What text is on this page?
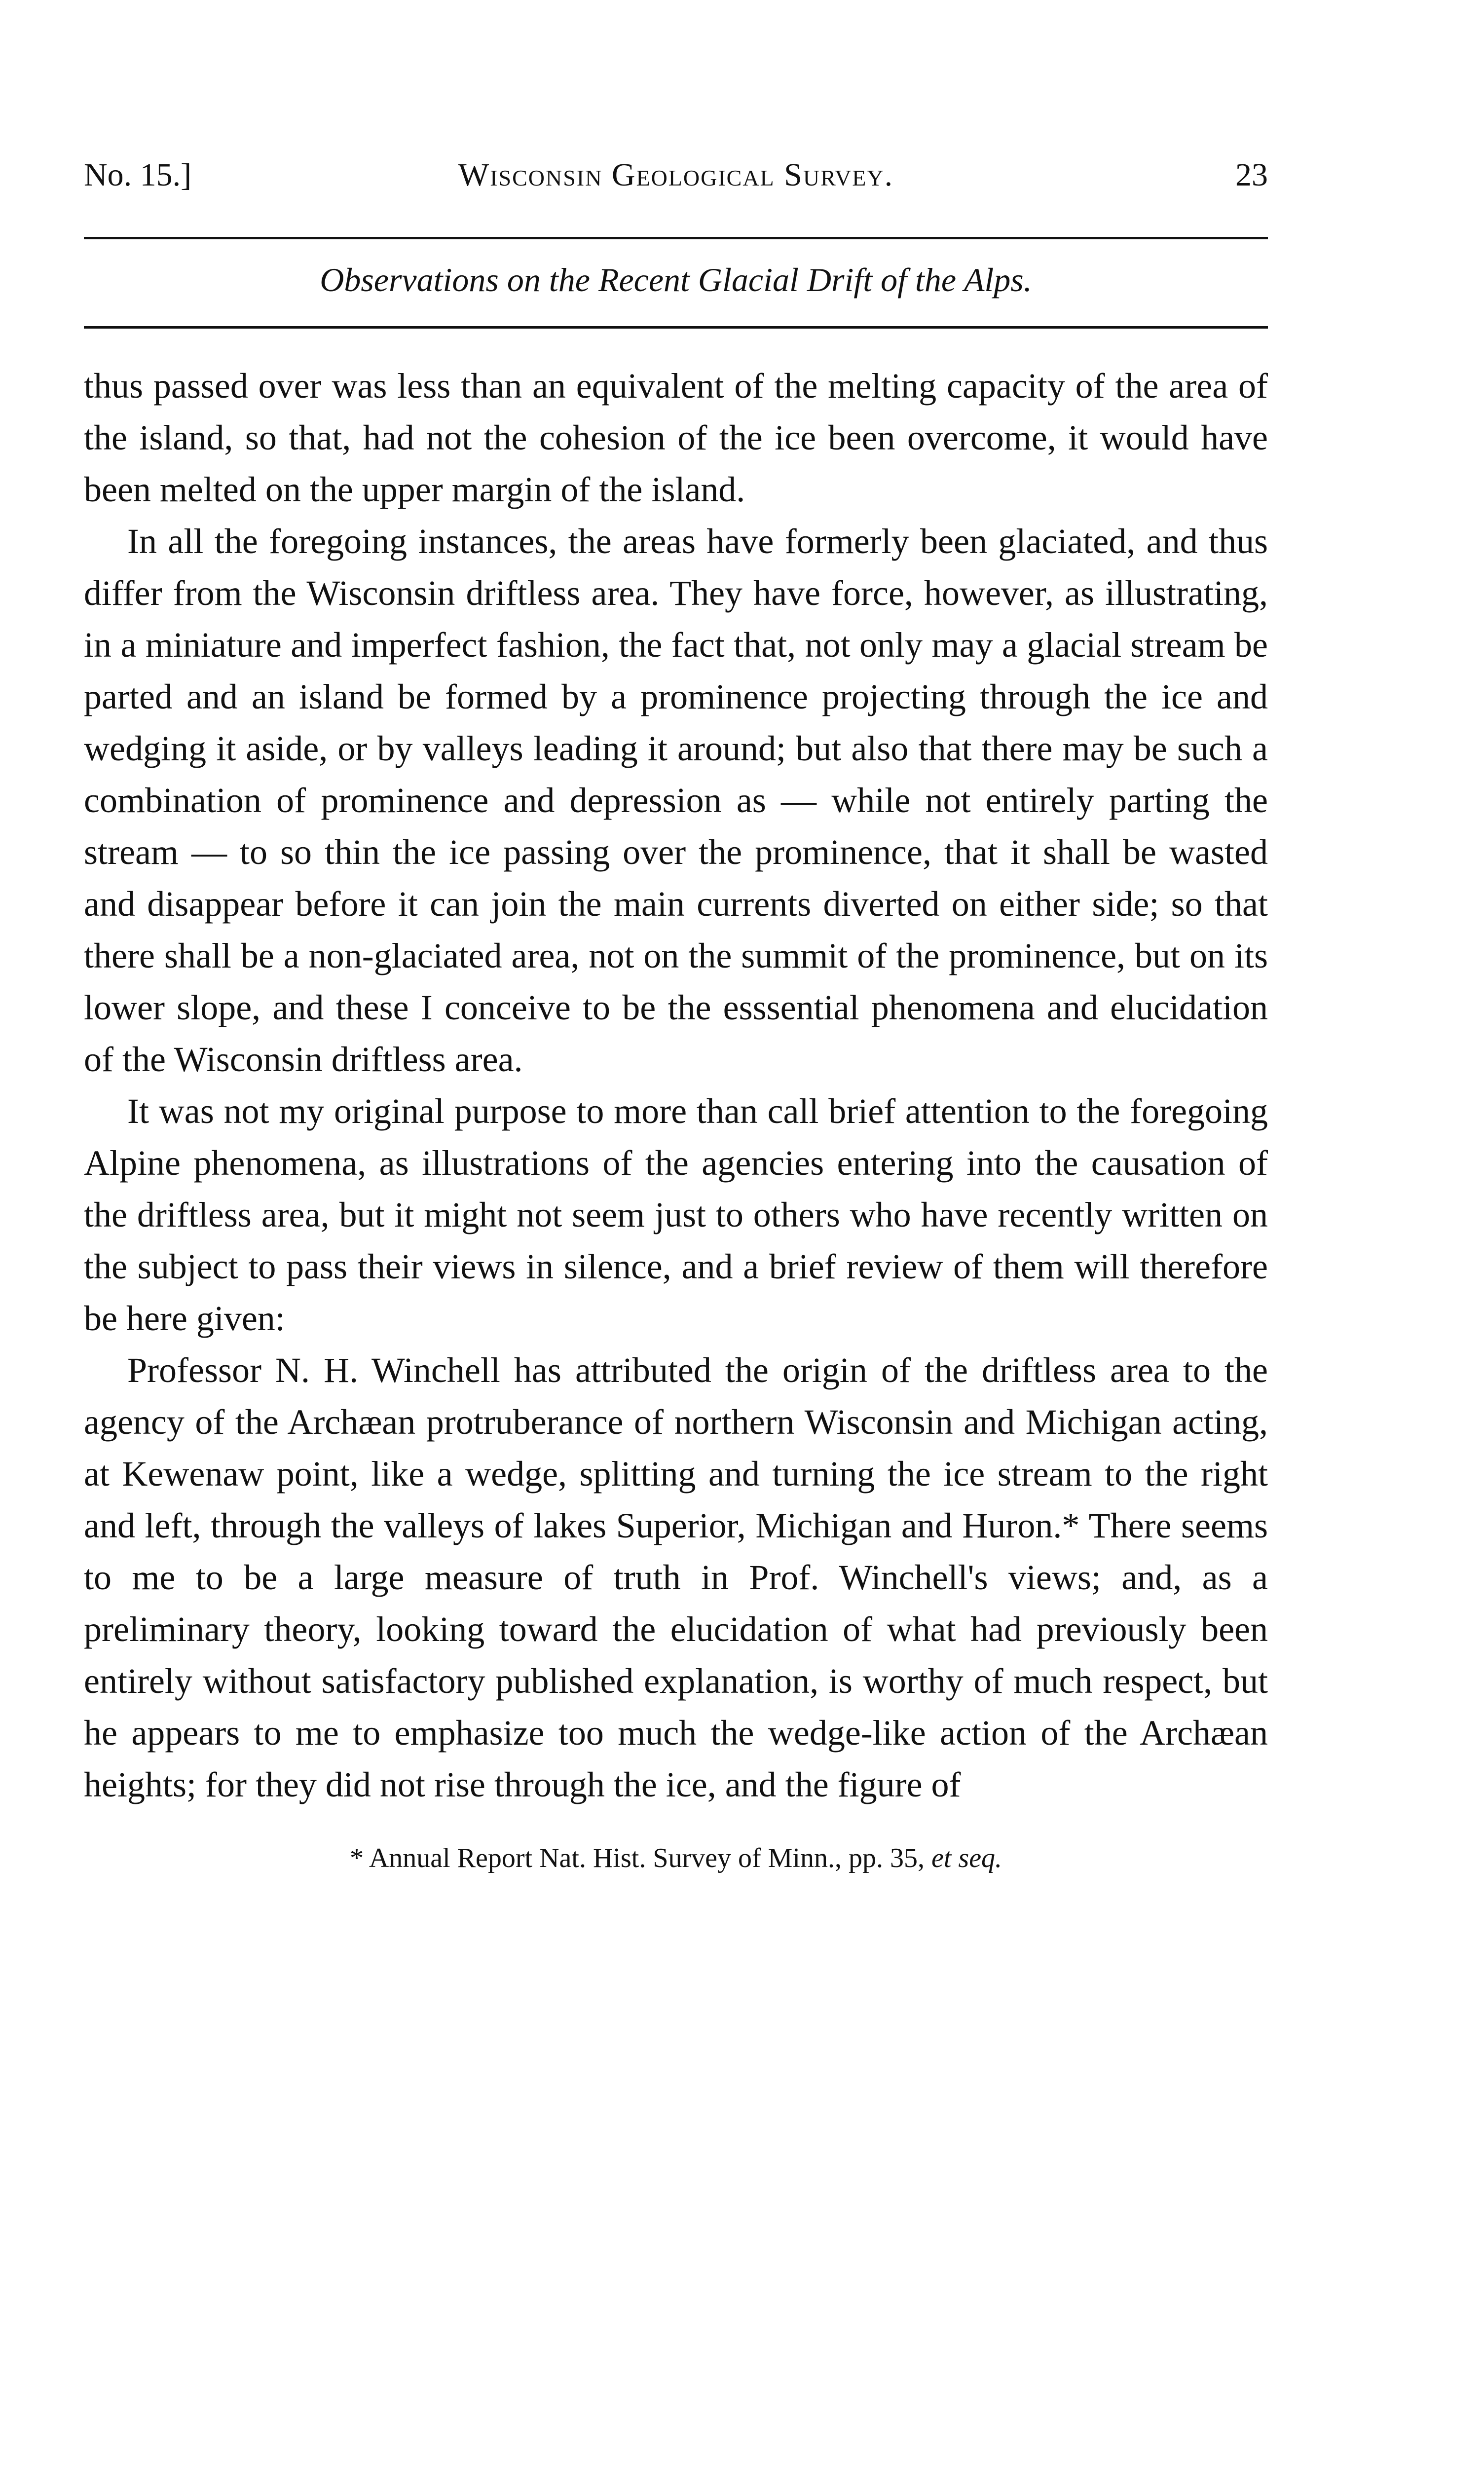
No. 15.]	Wisconsin Geological Survey.	23
Observations on the Recent Glacial Drift of the Alps.

thus passed over was less than an equivalent of the melting capacity of the area of the island, so that, had not the cohesion of the ice been overcome, it would have been melted on the upper margin of the island.

In all the foregoing instances, the areas have formerly been glaciated, and thus differ from the Wisconsin driftless area. They have force, however, as illustrating, in a miniature and imperfect fashion, the fact that, not only may a glacial stream be parted and an island be formed by a prominence projecting through the ice and wedging it aside, or by valleys leading it around; but also that there may be such a combination of prominence and depression as — while not entirely parting the stream — to so thin the ice passing over the prominence, that it shall be wasted and disappear before it can join the main currents diverted on either side; so that there shall be a non-glaciated area, not on the summit of the prominence, but on its lower slope, and these I conceive to be the esssential phenomena and elucidation of the Wisconsin driftless area.

It was not my original purpose to more than call brief attention to the foregoing Alpine phenomena, as illustrations of the agencies entering into the causation of the driftless area, but it might not seem just to others who have recently written on the subject to pass their views in silence, and a brief review of them will therefore be here given:

Professor N. H. Winchell has attributed the origin of the driftless area to the agency of the Archæan protruberance of northern Wisconsin and Michigan acting, at Kewenaw point, like a wedge, splitting and turning the ice stream to the right and left, through the valleys of lakes Superior, Michigan and Huron.* There seems to me to be a large measure of truth in Prof. Winchell's views; and, as a preliminary theory, looking toward the elucidation of what had previously been entirely without satisfactory published explanation, is worthy of much respect, but he appears to me to emphasize too much the wedge-like action of the Archæan heights; for they did not rise through the ice, and the figure of

* Annual Report Nat. Hist. Survey of Minn., pp. 35, et seq.
